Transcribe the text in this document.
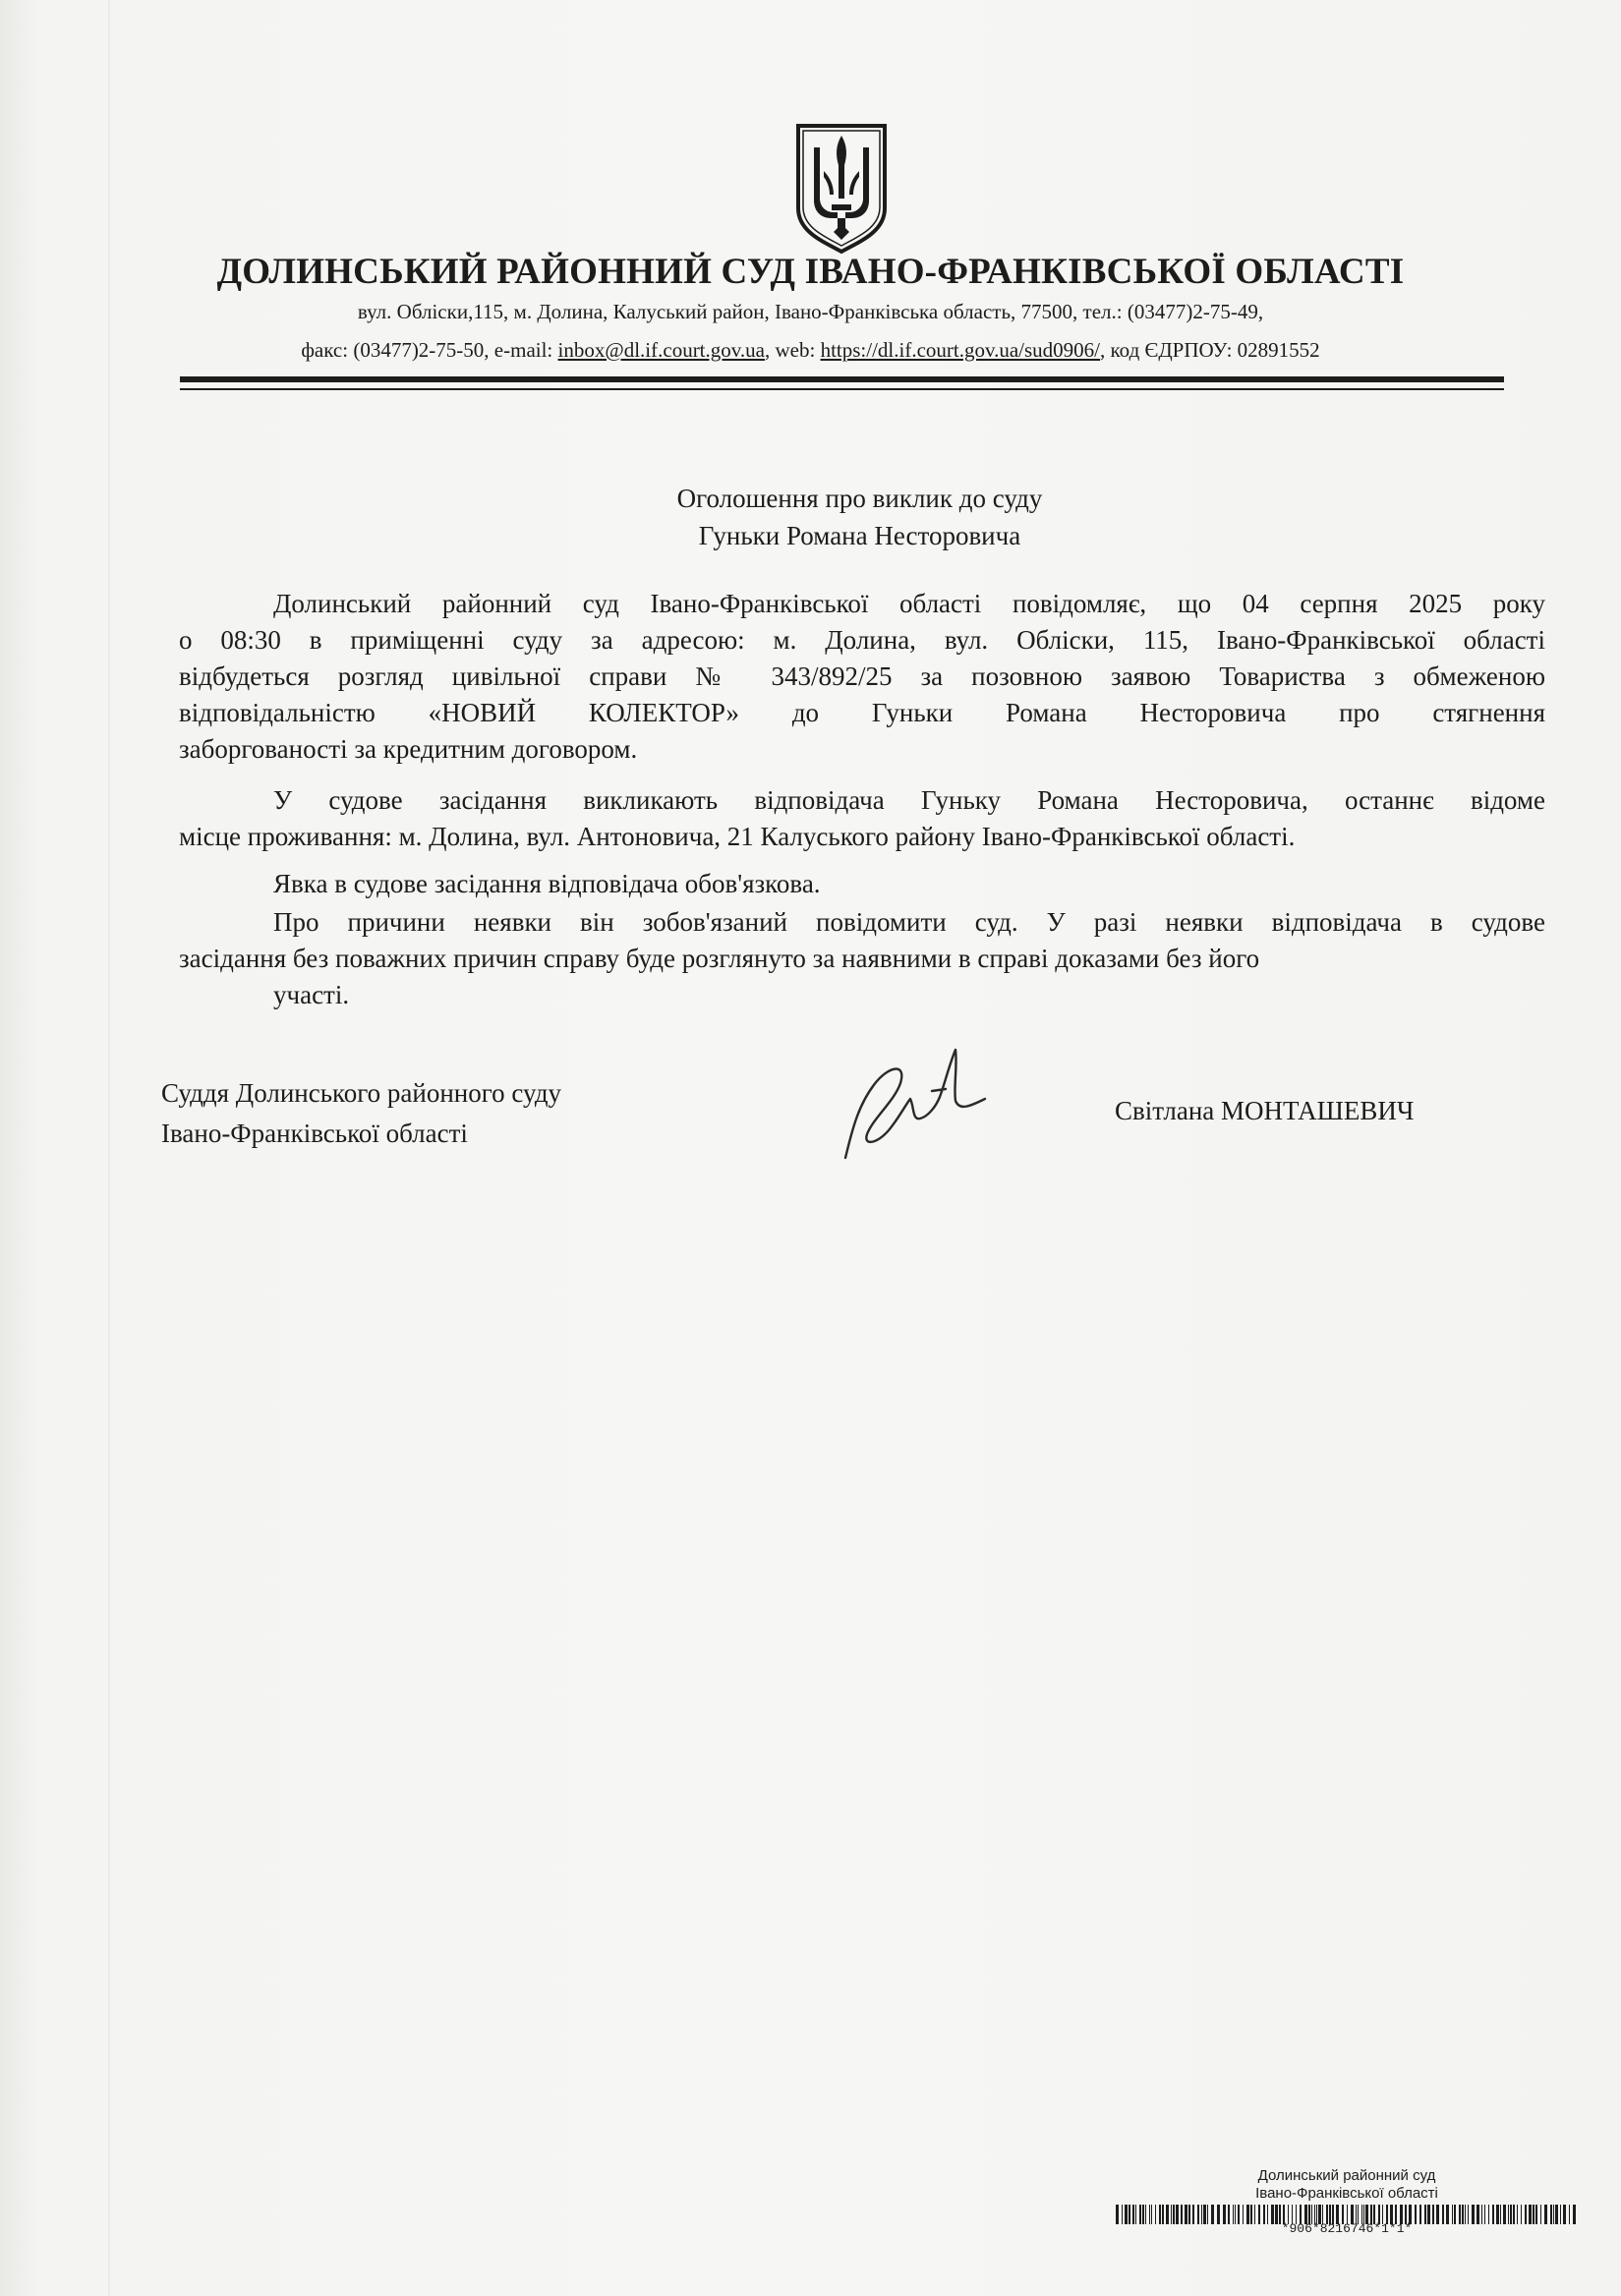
ДОЛИНСЬКИЙ РАЙОННИЙ СУД ІВАНО-ФРАНКІВСЬКОЇ ОБЛАСТІ
вул. Обліски,115, м. Долина, Калуський район, Івано-Франківська область, 77500, тел.: (03477)2-75-49,
факс: (03477)2-75-50, e-mail: inbox@dl.if.court.gov.ua, web: https://dl.if.court.gov.ua/sud0906/, код ЄДРПОУ: 02891552
Оголошення про виклик до суду
Гуньки Романа Несторовича
Долинський районний суд Івано-Франківської області повідомляє, що 04 серпня 2025 року
о 08:30 в приміщенні суду за адресою: м. Долина, вул. Обліски, 115, Івано-Франківської області
відбудеться розгляд цивільної справи № 343/892/25 за позовною заявою Товариства з обмеженою
відповідальністю «НОВИЙ КОЛЕКТОР» до Гуньки Романа Несторовича про стягнення
заборгованості за кредитним договором.
У судове засідання викликають відповідача Гуньку Романа Несторовича, останнє відоме
місце проживання: м. Долина, вул. Антоновича, 21 Калуського району Івано-Франківської області.
Явка в судове засідання відповідача обов'язкова.
Про причини неявки він зобов'язаний повідомити суд. У разі неявки відповідача в судове
засідання без поважних причин справу буде розглянуто за наявними в справі доказами без його
участі.
Суддя Долинського районного суду
Івано-Франківської області
Світлана МОНТАШЕВИЧ
Долинський районний суд
Івано-Франківської області
*906*8216746*1*1*
